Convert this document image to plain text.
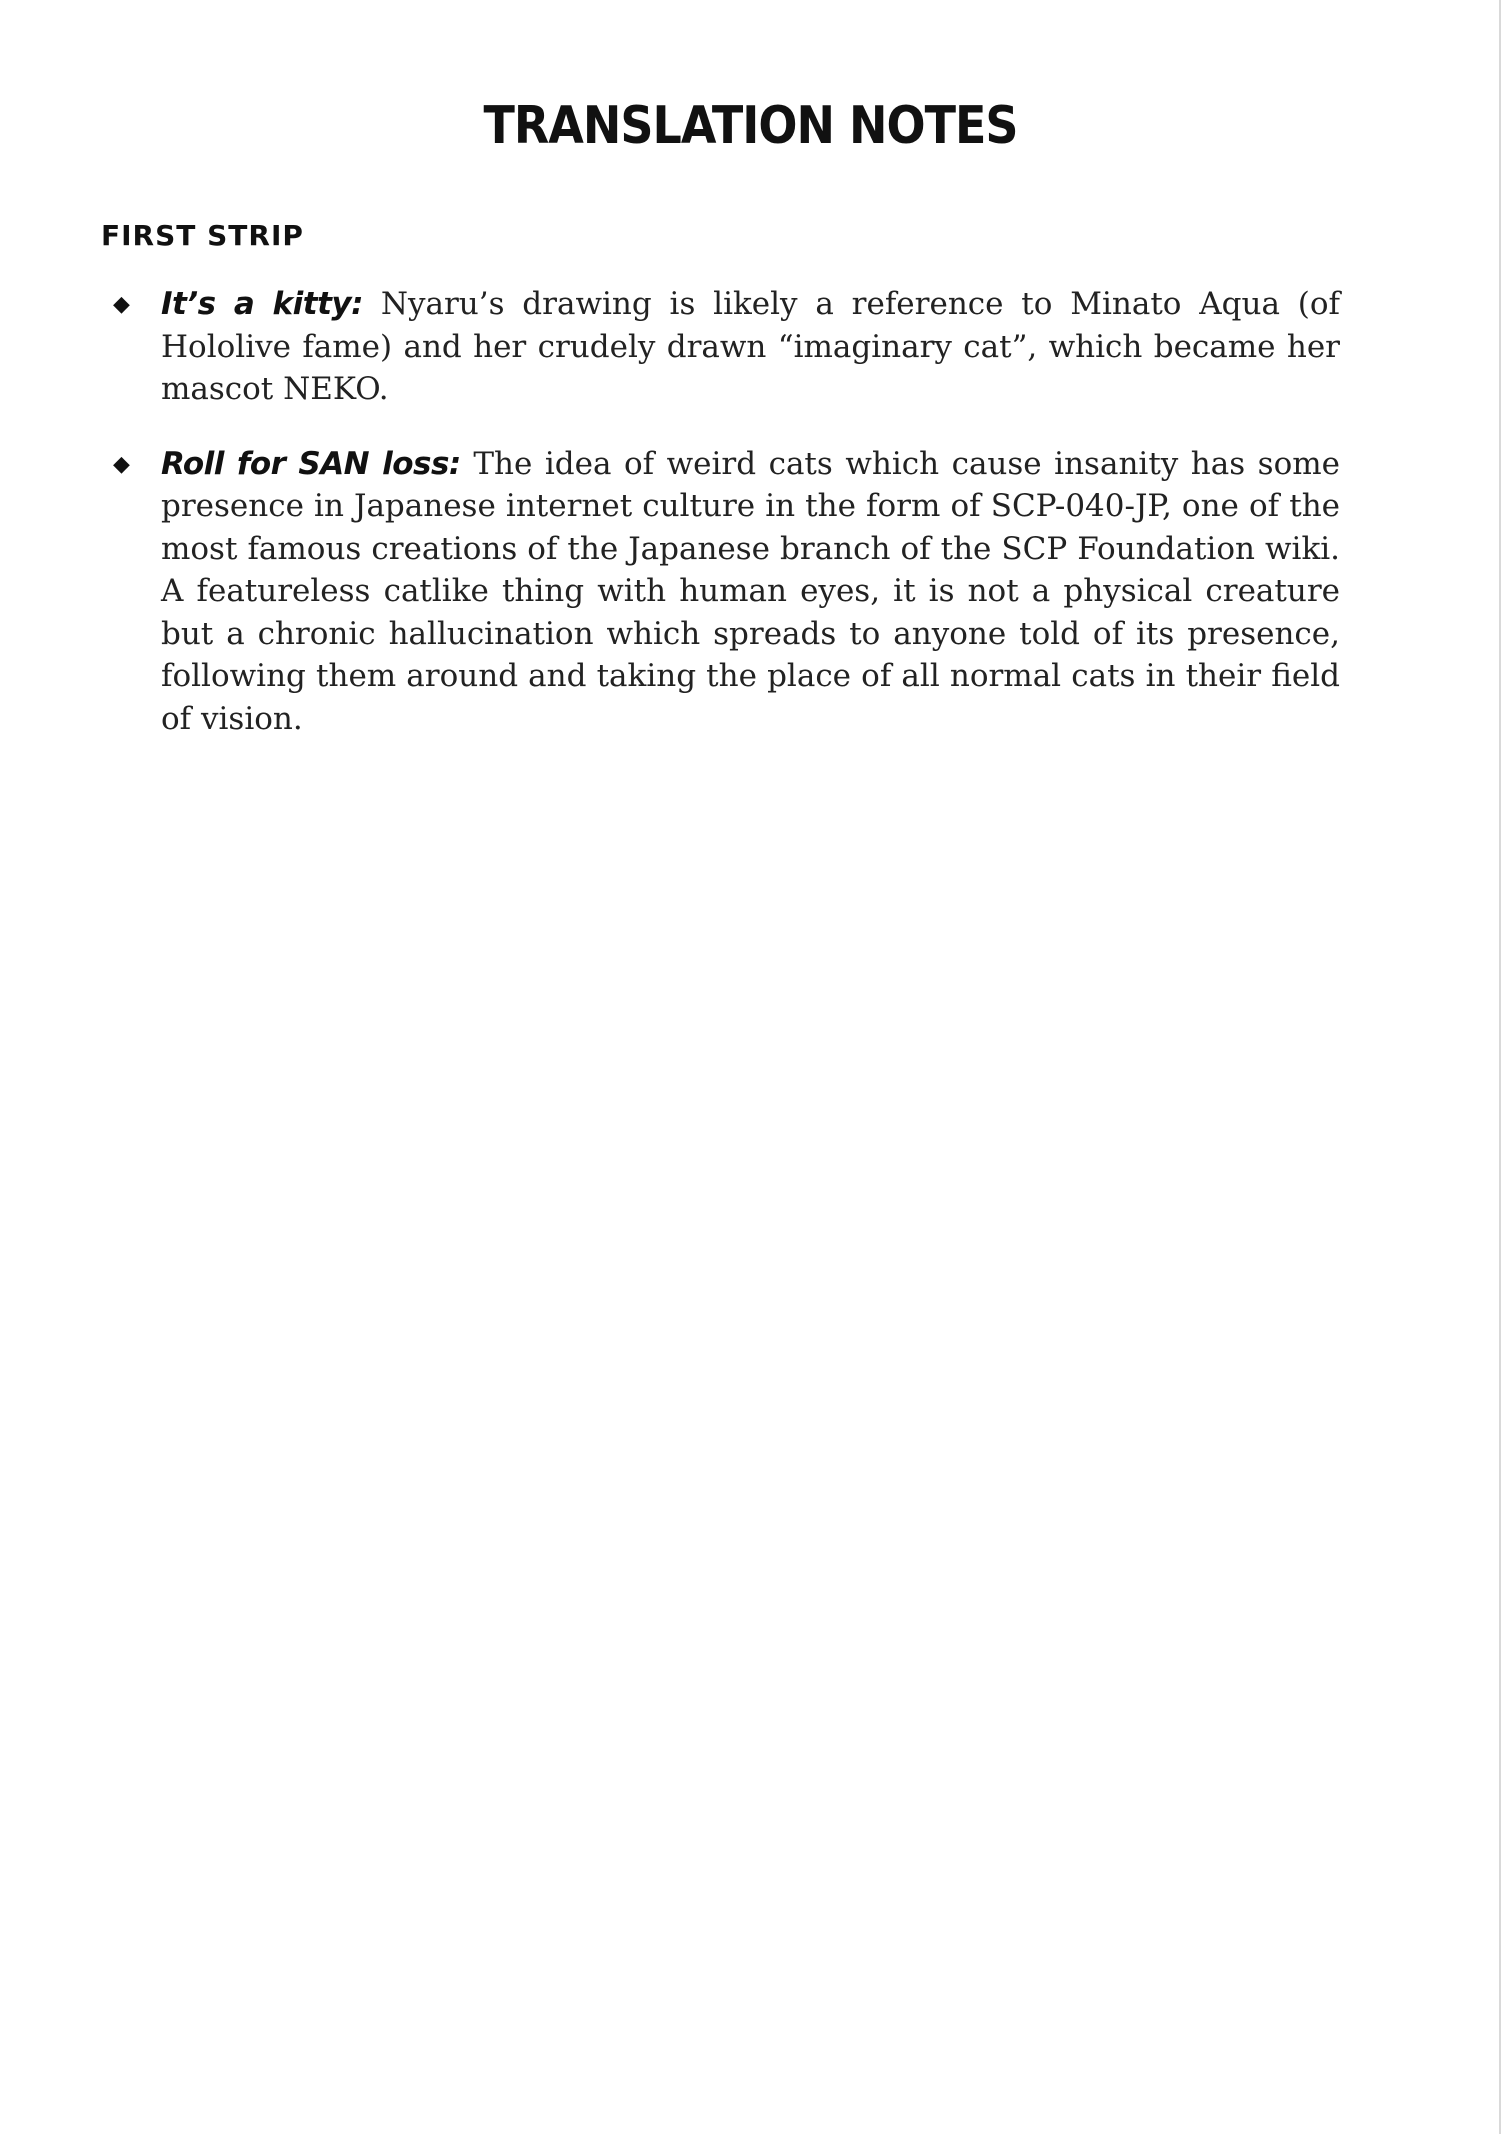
TRANSLATION NOTES
FIRST STRIP
◆ It’s a kitty: Nyaru’s drawing is likely a reference to Minato Aqua (of Hololive fame) and her crudely drawn “imaginary cat”, which became her mascot NEKO.
◆ Roll for SAN loss: The idea of weird cats which cause insanity has some presence in Japanese internet culture in the form of SCP-040-JP, one of the most famous creations of the Japanese branch of the SCP Foundation wiki. A featureless catlike thing with human eyes, it is not a physical creature but a chronic hallucination which spreads to anyone told of its presence, following them around and taking the place of all normal cats in their field of vision.
